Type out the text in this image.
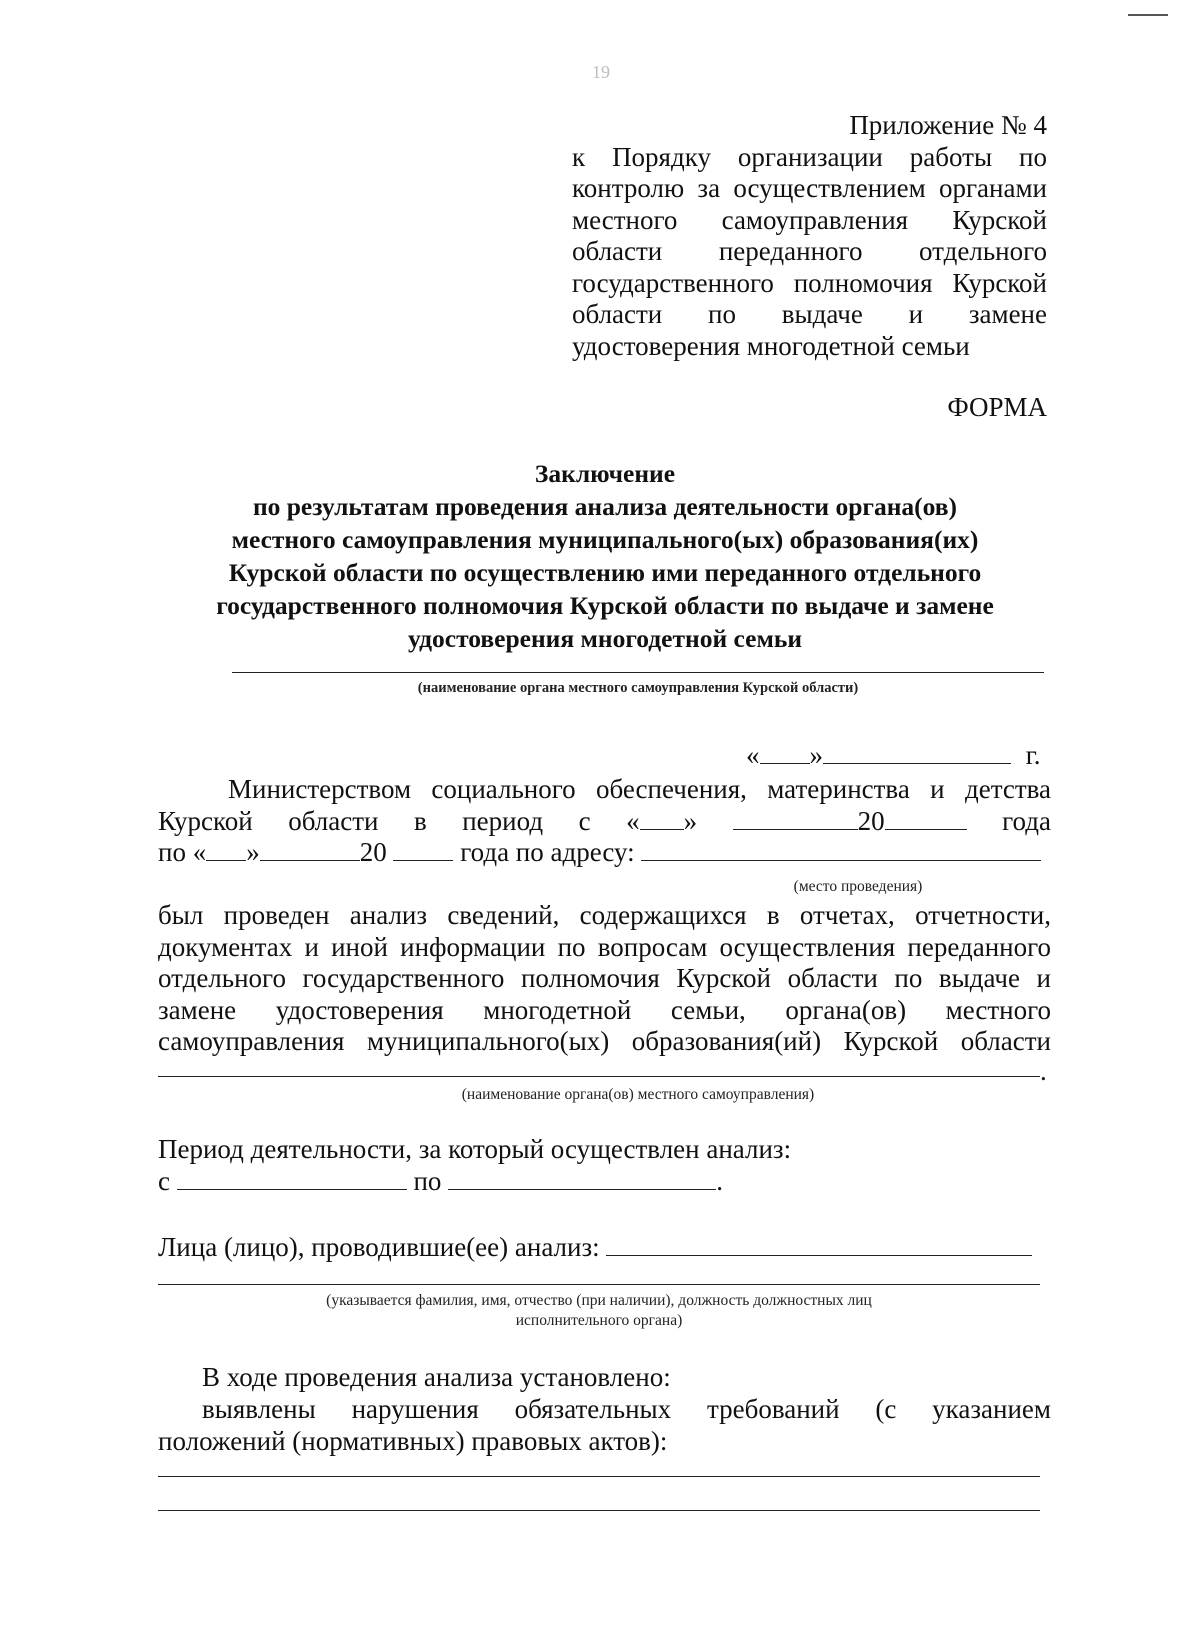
19
Приложение № 4
к Порядку организации работы по
контролю за осуществлением органами
местного самоуправления Курской
области переданного отдельного
государственного полномочия Курской
области по выдаче и замене
удостоверения многодетной семьи
ФОРМА
Заключение
по результатам проведения анализа деятельности органа(ов)
местного самоуправления муниципального(ых) образования(их)
Курской области по осуществлению ими переданного отдельного
государственного полномочия Курской области по выдаче и замене
удостоверения многодетной семьи
(наименование органа местного самоуправления Курской области)
« »	г.
Министерством социального обеспечения, материнства и детства
Курской области в период с « »	20	года
по « »	20	года по адресу:
(место проведения)
был проведен анализ сведений, содержащихся в отчетах, отчетности,
документах и иной информации по вопросам осуществления переданного
отдельного государственного полномочия Курской области по выдаче и
замене удостоверения многодетной семьи, органа(ов) местного
самоуправления муниципального(ых) образования(ий) Курской области
.
(наименование органа(ов) местного самоуправления)
Период деятельности, за который осуществлен анализ:
с	по	.
Лица (лицо), проводившие(ее) анализ:
(указывается фамилия, имя, отчество (при наличии), должность должностных лиц
исполнительного органа)
В ходе проведения анализа установлено:
выявлены нарушения обязательных требований (с указанием
положений (нормативных) правовых актов):
